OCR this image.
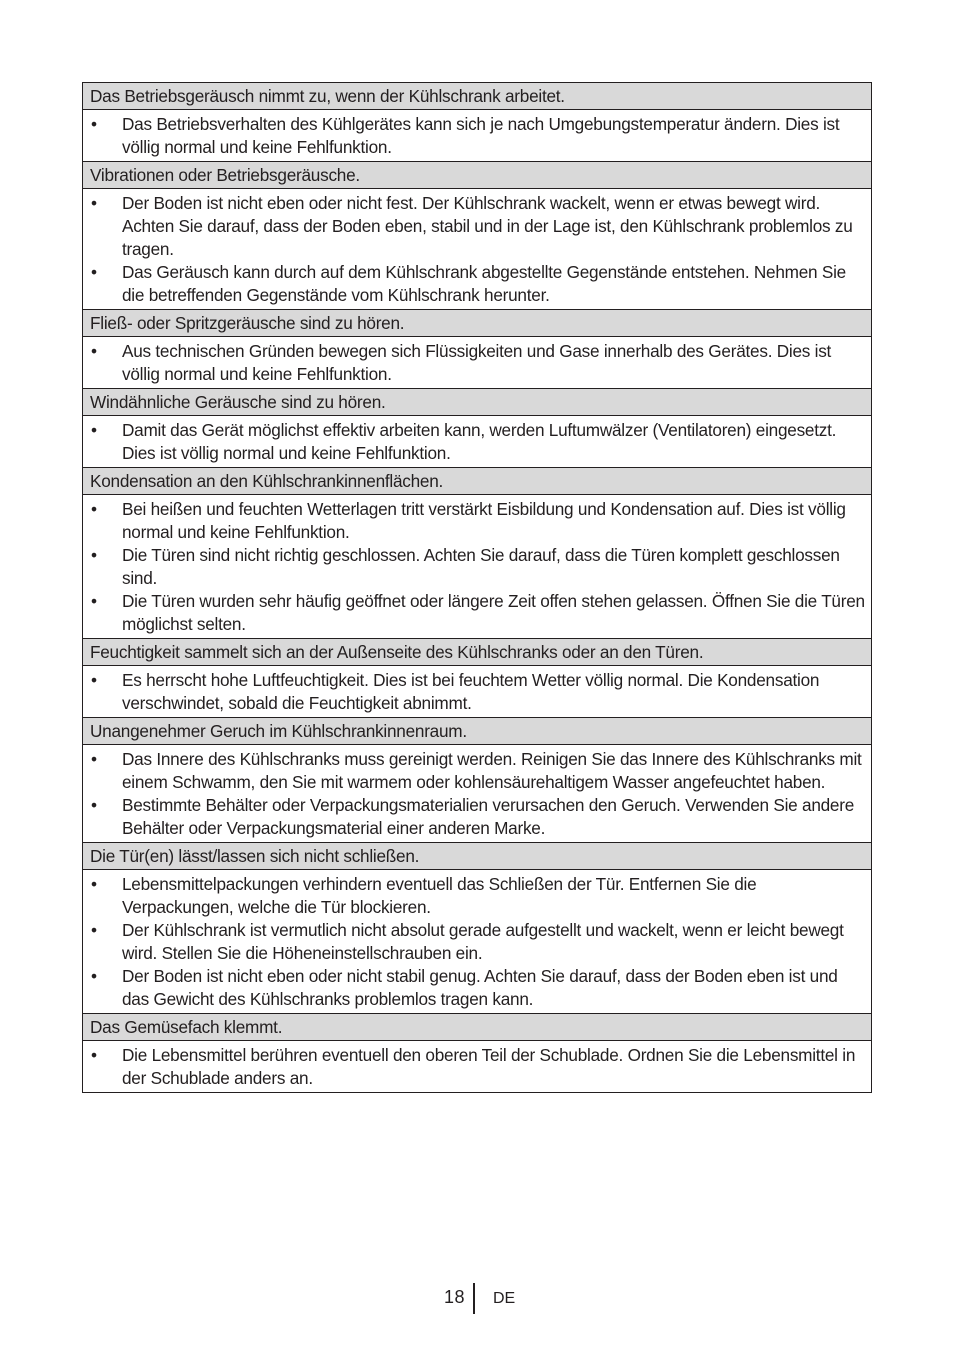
Das Betriebsgeräusch nimmt zu, wenn der Kühlschrank arbeitet.
•	Das Betriebsverhalten des Kühlgerätes kann sich je nach Umgebungstemperatur ändern. Dies ist völlig normal und keine Fehlfunktion.
Vibrationen oder Betriebsgeräusche.
•	Der Boden ist nicht eben oder nicht fest. Der Kühlschrank wackelt, wenn er etwas bewegt wird. Achten Sie darauf, dass der Boden eben, stabil und in der Lage ist, den Kühlschrank problemlos zu tragen.
•	Das Geräusch kann durch auf dem Kühlschrank abgestellte Gegenstände entstehen. Nehmen Sie die betreffenden Gegenstände vom Kühlschrank herunter.
Fließ- oder Spritzgeräusche sind zu hören.
•	Aus technischen Gründen bewegen sich Flüssigkeiten und Gase innerhalb des Gerätes. Dies ist völlig normal und keine Fehlfunktion.
Windähnliche Geräusche sind zu hören.
•	Damit das Gerät möglichst effektiv arbeiten kann, werden Luftumwälzer (Ventilatoren) eingesetzt. Dies ist völlig normal und keine Fehlfunktion.
Kondensation an den Kühlschrankinnenflächen.
•	Bei heißen und feuchten Wetterlagen tritt verstärkt Eisbildung und Kondensation auf. Dies ist völlig normal und keine Fehlfunktion.
•	Die Türen sind nicht richtig geschlossen. Achten Sie darauf, dass die Türen komplett geschlossen sind.
•	Die Türen wurden sehr häufig geöffnet oder längere Zeit offen stehen gelassen. Öffnen Sie die Türen möglichst selten.
Feuchtigkeit sammelt sich an der Außenseite des Kühlschranks oder an den Türen.
•	Es herrscht hohe Luftfeuchtigkeit. Dies ist bei feuchtem Wetter völlig normal. Die Kondensation verschwindet, sobald die Feuchtigkeit abnimmt.
Unangenehmer Geruch im Kühlschrankinnenraum.
•	Das Innere des Kühlschranks muss gereinigt werden. Reinigen Sie das Innere des Kühlschranks mit einem Schwamm, den Sie mit warmem oder kohlensäurehaltigem Wasser angefeuchtet haben.
•	Bestimmte Behälter oder Verpackungsmaterialien verursachen den Geruch. Verwenden Sie andere Behälter oder Verpackungsmaterial einer anderen Marke.
Die Tür(en) lässt/lassen sich nicht schließen.
•	Lebensmittelpackungen verhindern eventuell das Schließen der Tür. Entfernen Sie die Verpackungen, welche die Tür blockieren.
•	Der Kühlschrank ist vermutlich nicht absolut gerade aufgestellt und wackelt, wenn er leicht bewegt wird. Stellen Sie die Höheneinstellschrauben ein.
•	Der Boden ist nicht eben oder nicht stabil genug. Achten Sie darauf, dass der Boden eben ist und das Gewicht des Kühlschranks problemlos tragen kann.
Das Gemüsefach klemmt.
•	Die Lebensmittel berühren eventuell den oberen Teil der Schublade. Ordnen Sie die Lebensmittel in der Schublade anders an.
18 DE
